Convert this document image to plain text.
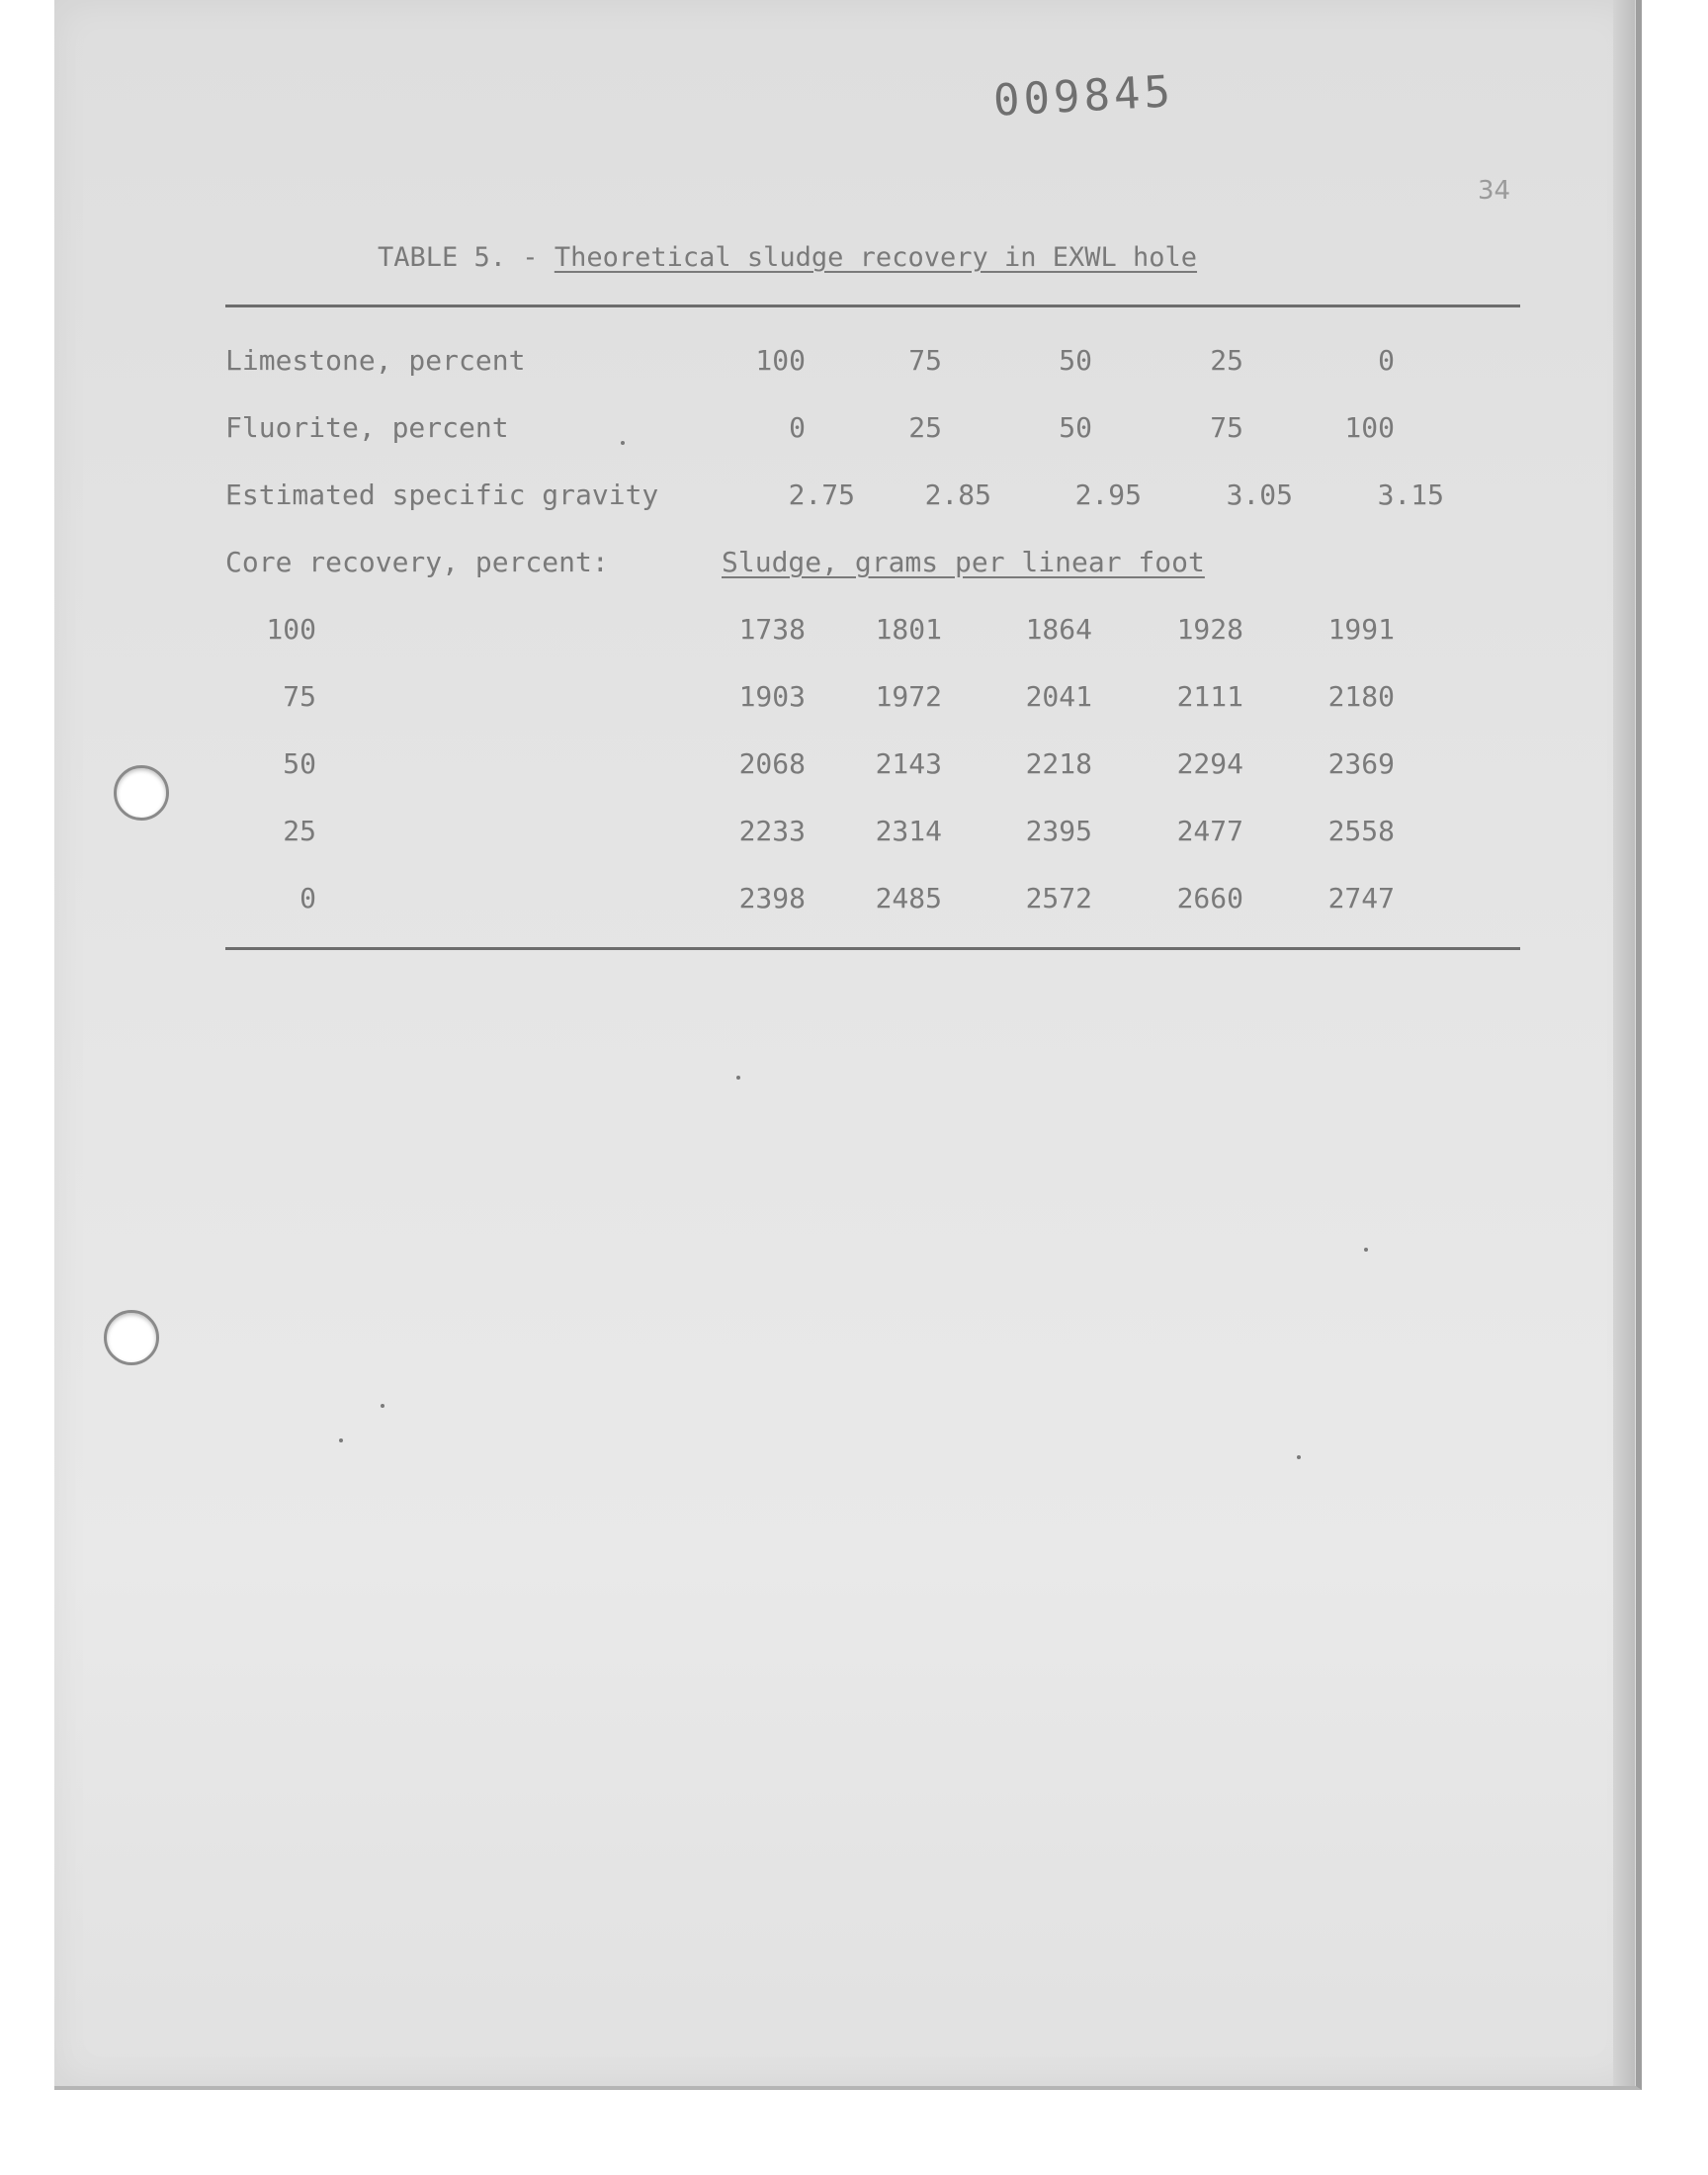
009845
34
TABLE 5. - Theoretical sludge recovery in EXWL hole
Limestone, percent	100	75	50	25	0
Fluorite, percent	0	25	50	75	100
Estimated specific gravity	2.75	2.85	2.95	3.05	3.15
Core recovery, percent:	Sludge, grams per linear foot
100	1738	1801	1864	1928	1991
75	1903	1972	2041	2111	2180
50	2068	2143	2218	2294	2369
25	2233	2314	2395	2477	2558
0	2398	2485	2572	2660	2747
